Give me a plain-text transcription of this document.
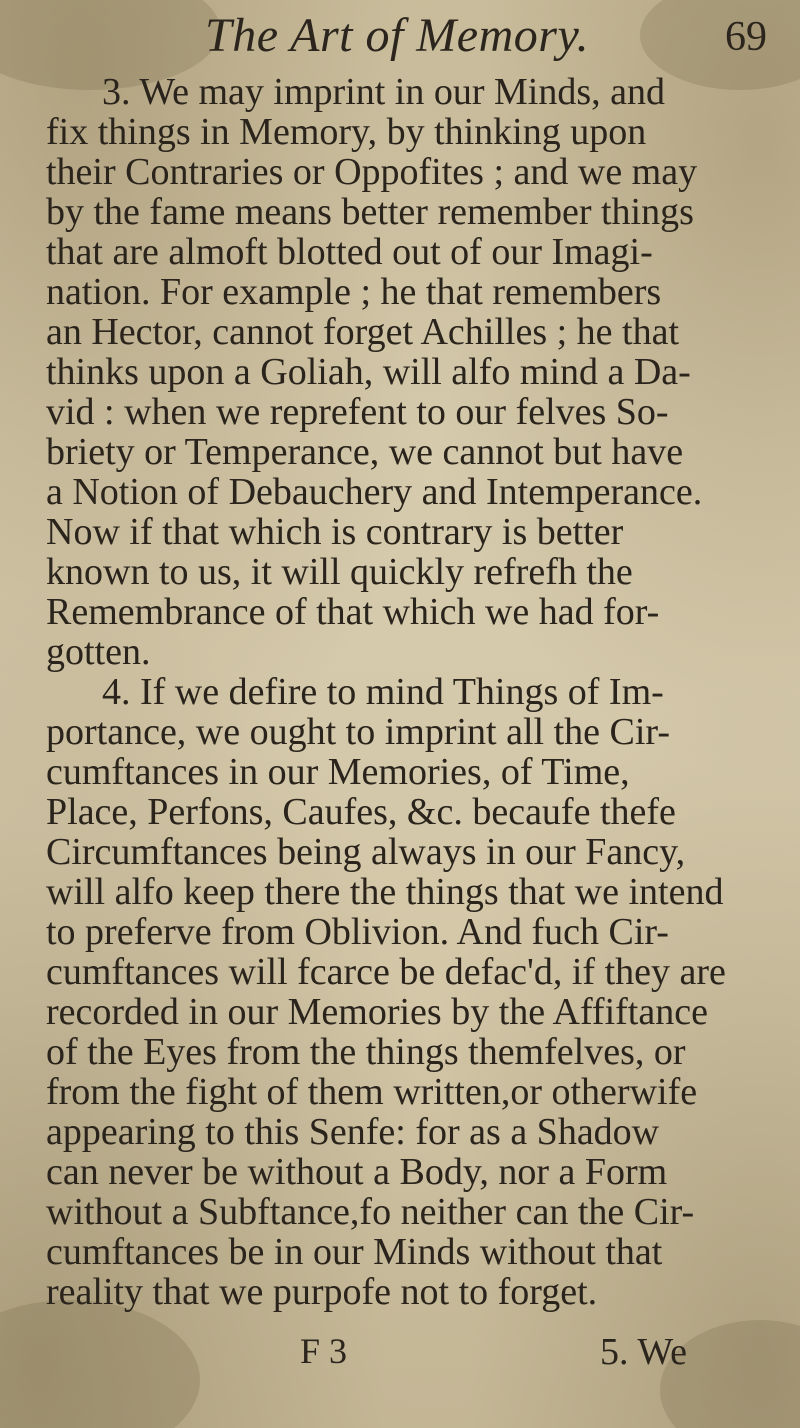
The Art of Memory.	69
3. We may imprint in our Minds, and
fix things in Memory, by thinking upon
their Contraries or Oppofites ; and we may
by the fame means better remember things
that are almoft blotted out of our Imagi-
nation. For example ; he that remembers
an Hector, cannot forget Achilles ; he that
thinks upon a Goliah, will alfo mind a Da-
vid : when we reprefent to our felves So-
briety or Temperance, we cannot but have
a Notion of Debauchery and Intemperance.
Now if that which is contrary is better
known to us, it will quickly refrefh the
Remembrance of that which we had for-
gotten.
4. If we defire to mind Things of Im-
portance, we ought to imprint all the Cir-
cumftances in our Memories, of Time,
Place, Perfons, Caufes, &c. becaufe thefe
Circumftances being always in our Fancy,
will alfo keep there the things that we intend
to preferve from Oblivion. And fuch Cir-
cumftances will fcarce be defac'd, if they are
recorded in our Memories by the Affiftance
of the Eyes from the things themfelves, or
from the fight of them written,or otherwife
appearing to this Senfe: for as a Shadow
can never be without a Body, nor a Form
without a Subftance,fo neither can the Cir-
cumftances be in our Minds without that
reality that we purpofe not to forget.
F 3	5. We
